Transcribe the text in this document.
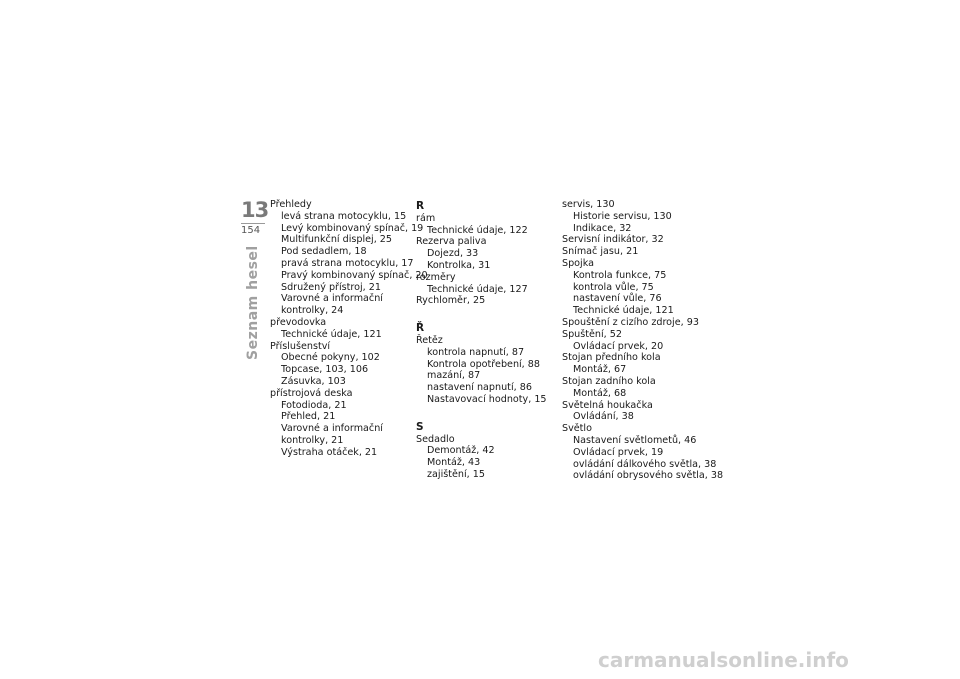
13
154
Seznam hesel
Přehledy
levá strana motocyklu, 15
Levý kombinovaný spínač, 19
Multifunkční displej, 25
Pod sedadlem, 18
pravá strana motocyklu, 17
Pravý kombinovaný spínač, 20
Sdružený přístroj, 21
Varovné a informační
kontrolky, 24
převodovka
Technické údaje, 121
Příslušenství
Obecné pokyny, 102
Topcase, 103, 106
Zásuvka, 103
přístrojová deska
Fotodioda, 21
Přehled, 21
Varovné a informační
kontrolky, 21
Výstraha otáček, 21
R
rám
Technické údaje, 122
Rezerva paliva
Dojezd, 33
Kontrolka, 31
rozměry
Technické údaje, 127
Rychloměr, 25
Ř
Řetěz
kontrola napnutí, 87
Kontrola opotřebení, 88
mazání, 87
nastavení napnutí, 86
Nastavovací hodnoty, 15
S
Sedadlo
Demontáž, 42
Montáž, 43
zajištění, 15
servis, 130
Historie servisu, 130
Indikace, 32
Servisní indikátor, 32
Snímač jasu, 21
Spojka
Kontrola funkce, 75
kontrola vůle, 75
nastavení vůle, 76
Technické údaje, 121
Spouštění z cizího zdroje, 93
Spuštění, 52
Ovládací prvek, 20
Stojan předního kola
Montáž, 67
Stojan zadního kola
Montáž, 68
Světelná houkačka
Ovládání, 38
Světlo
Nastavení světlometů, 46
Ovládací prvek, 19
ovládání dálkového světla, 38
ovládání obrysového světla, 38
carmanualsonline.info
